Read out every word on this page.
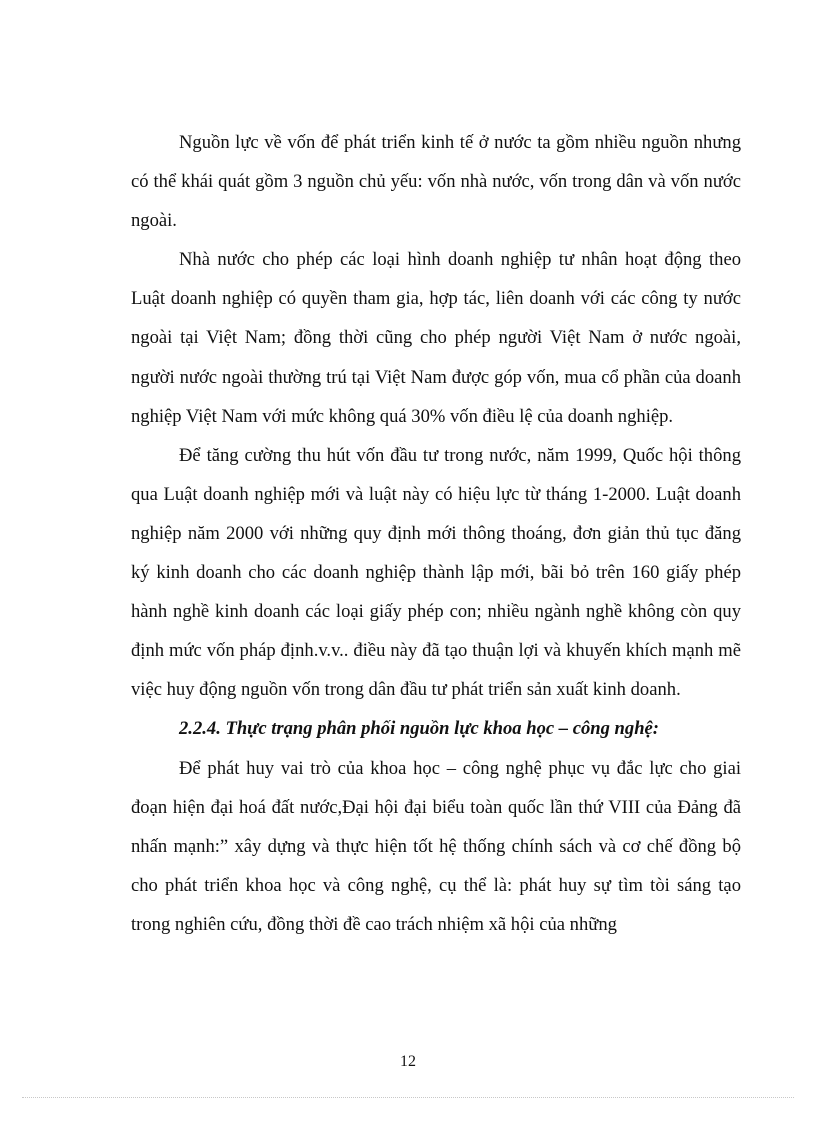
Nguồn lực về vốn để phát triển kinh tế ở nước ta gồm nhiều nguồn nhưng có thể khái quát gồm 3 nguồn chủ yếu: vốn nhà nước, vốn trong dân và vốn nước ngoài.

Nhà nước cho phép các loại hình doanh nghiệp tư nhân hoạt động theo Luật doanh nghiệp có quyền tham gia, hợp tác, liên doanh với các công ty nước ngoài tại Việt Nam; đồng thời cũng cho phép người Việt Nam ở nước ngoài, người nước ngoài thường trú tại Việt Nam được góp vốn, mua cổ phần của doanh nghiệp Việt Nam với mức không quá 30% vốn điều lệ của doanh nghiệp.

Để tăng cường thu hút vốn đầu tư trong nước, năm 1999, Quốc hội thông qua Luật doanh nghiệp mới và luật này có hiệu lực từ tháng 1-2000. Luật doanh nghiệp năm 2000 với những quy định mới thông thoáng, đơn giản thủ tục đăng ký kinh doanh cho các doanh nghiệp thành lập mới, bãi bỏ trên 160 giấy phép hành nghề kinh doanh các loại giấy phép con; nhiều ngành nghề không còn quy định mức vốn pháp định.v.v.. điều này đã tạo thuận lợi và khuyến khích mạnh mẽ việc huy động nguồn vốn trong dân đầu tư phát triển sản xuất kinh doanh.

2.2.4. Thực trạng phân phối nguồn lực khoa học – công nghệ:

Để phát huy vai trò của khoa học – công nghệ phục vụ đắc lực cho giai đoạn hiện đại hoá đất nước,Đại hội đại biểu toàn quốc lần thứ VIII của Đảng đã nhấn mạnh:” xây dựng và thực hiện tốt hệ thống chính sách và cơ chế đồng bộ cho phát triển khoa học và công nghệ, cụ thể là: phát huy sự tìm tòi sáng tạo trong nghiên cứu, đồng thời đề cao trách nhiệm xã hội của những

12
